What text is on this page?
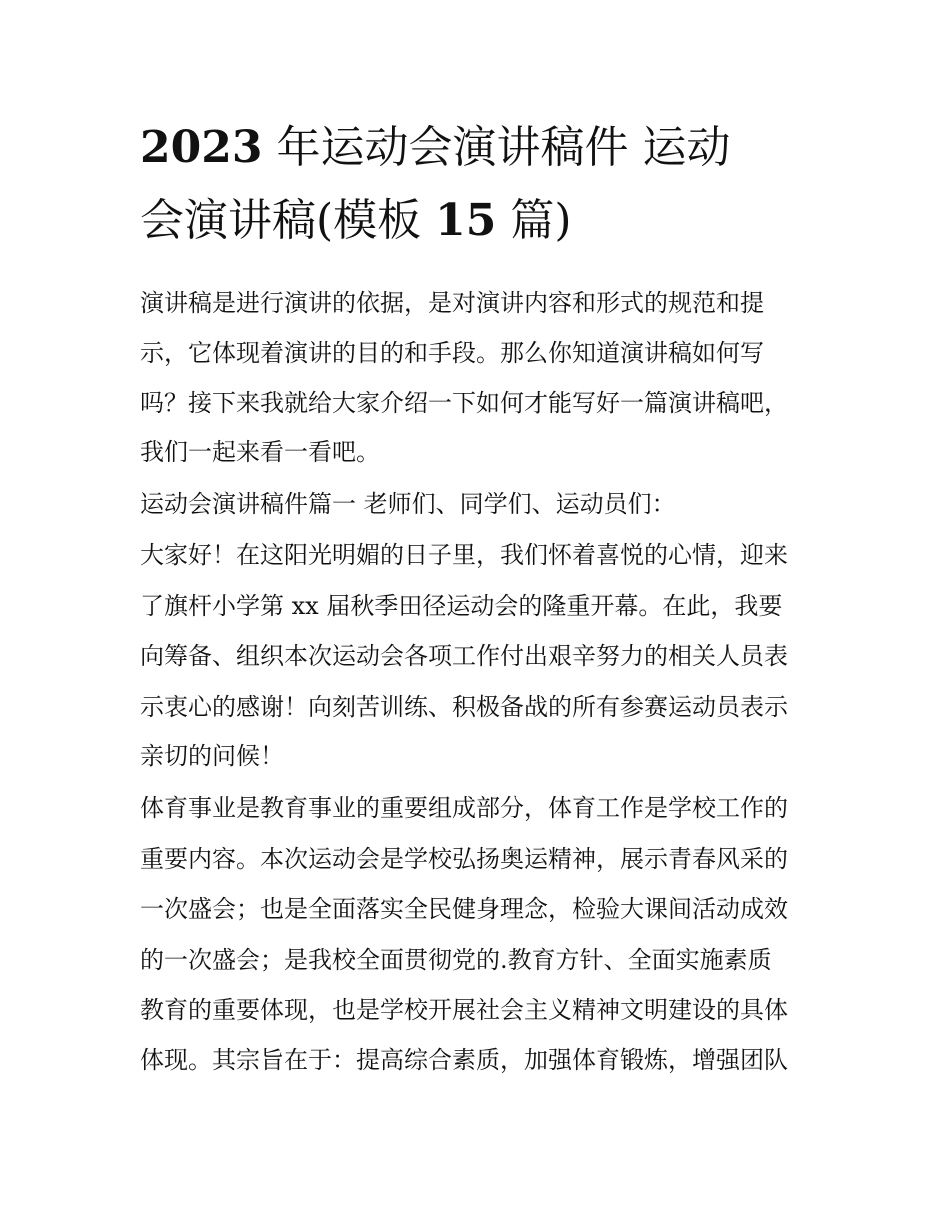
2023 年运动会演讲稿件 运动
会演讲稿(模板 15 篇)
演讲稿是进行演讲的依据，是对演讲内容和形式的规范和提
示，它体现着演讲的目的和手段。那么你知道演讲稿如何写
吗？接下来我就给大家介绍一下如何才能写好一篇演讲稿吧，
我们一起来看一看吧。
运动会演讲稿件篇一 老师们、同学们、运动员们：
大家好！在这阳光明媚的日子里，我们怀着喜悦的心情，迎来
了旗杆小学第 xx 届秋季田径运动会的隆重开幕。在此，我要
向筹备、组织本次运动会各项工作付出艰辛努力的相关人员表
示衷心的感谢！向刻苦训练、积极备战的所有参赛运动员表示
亲切的问候！
体育事业是教育事业的重要组成部分，体育工作是学校工作的
重要内容。本次运动会是学校弘扬奥运精神，展示青春风采的
一次盛会；也是全面落实全民健身理念，检验大课间活动成效
的一次盛会；是我校全面贯彻党的.教育方针、全面实施素质
教育的重要体现，也是学校开展社会主义精神文明建设的具体
体现。其宗旨在于：提高综合素质，加强体育锻炼，增强团队
